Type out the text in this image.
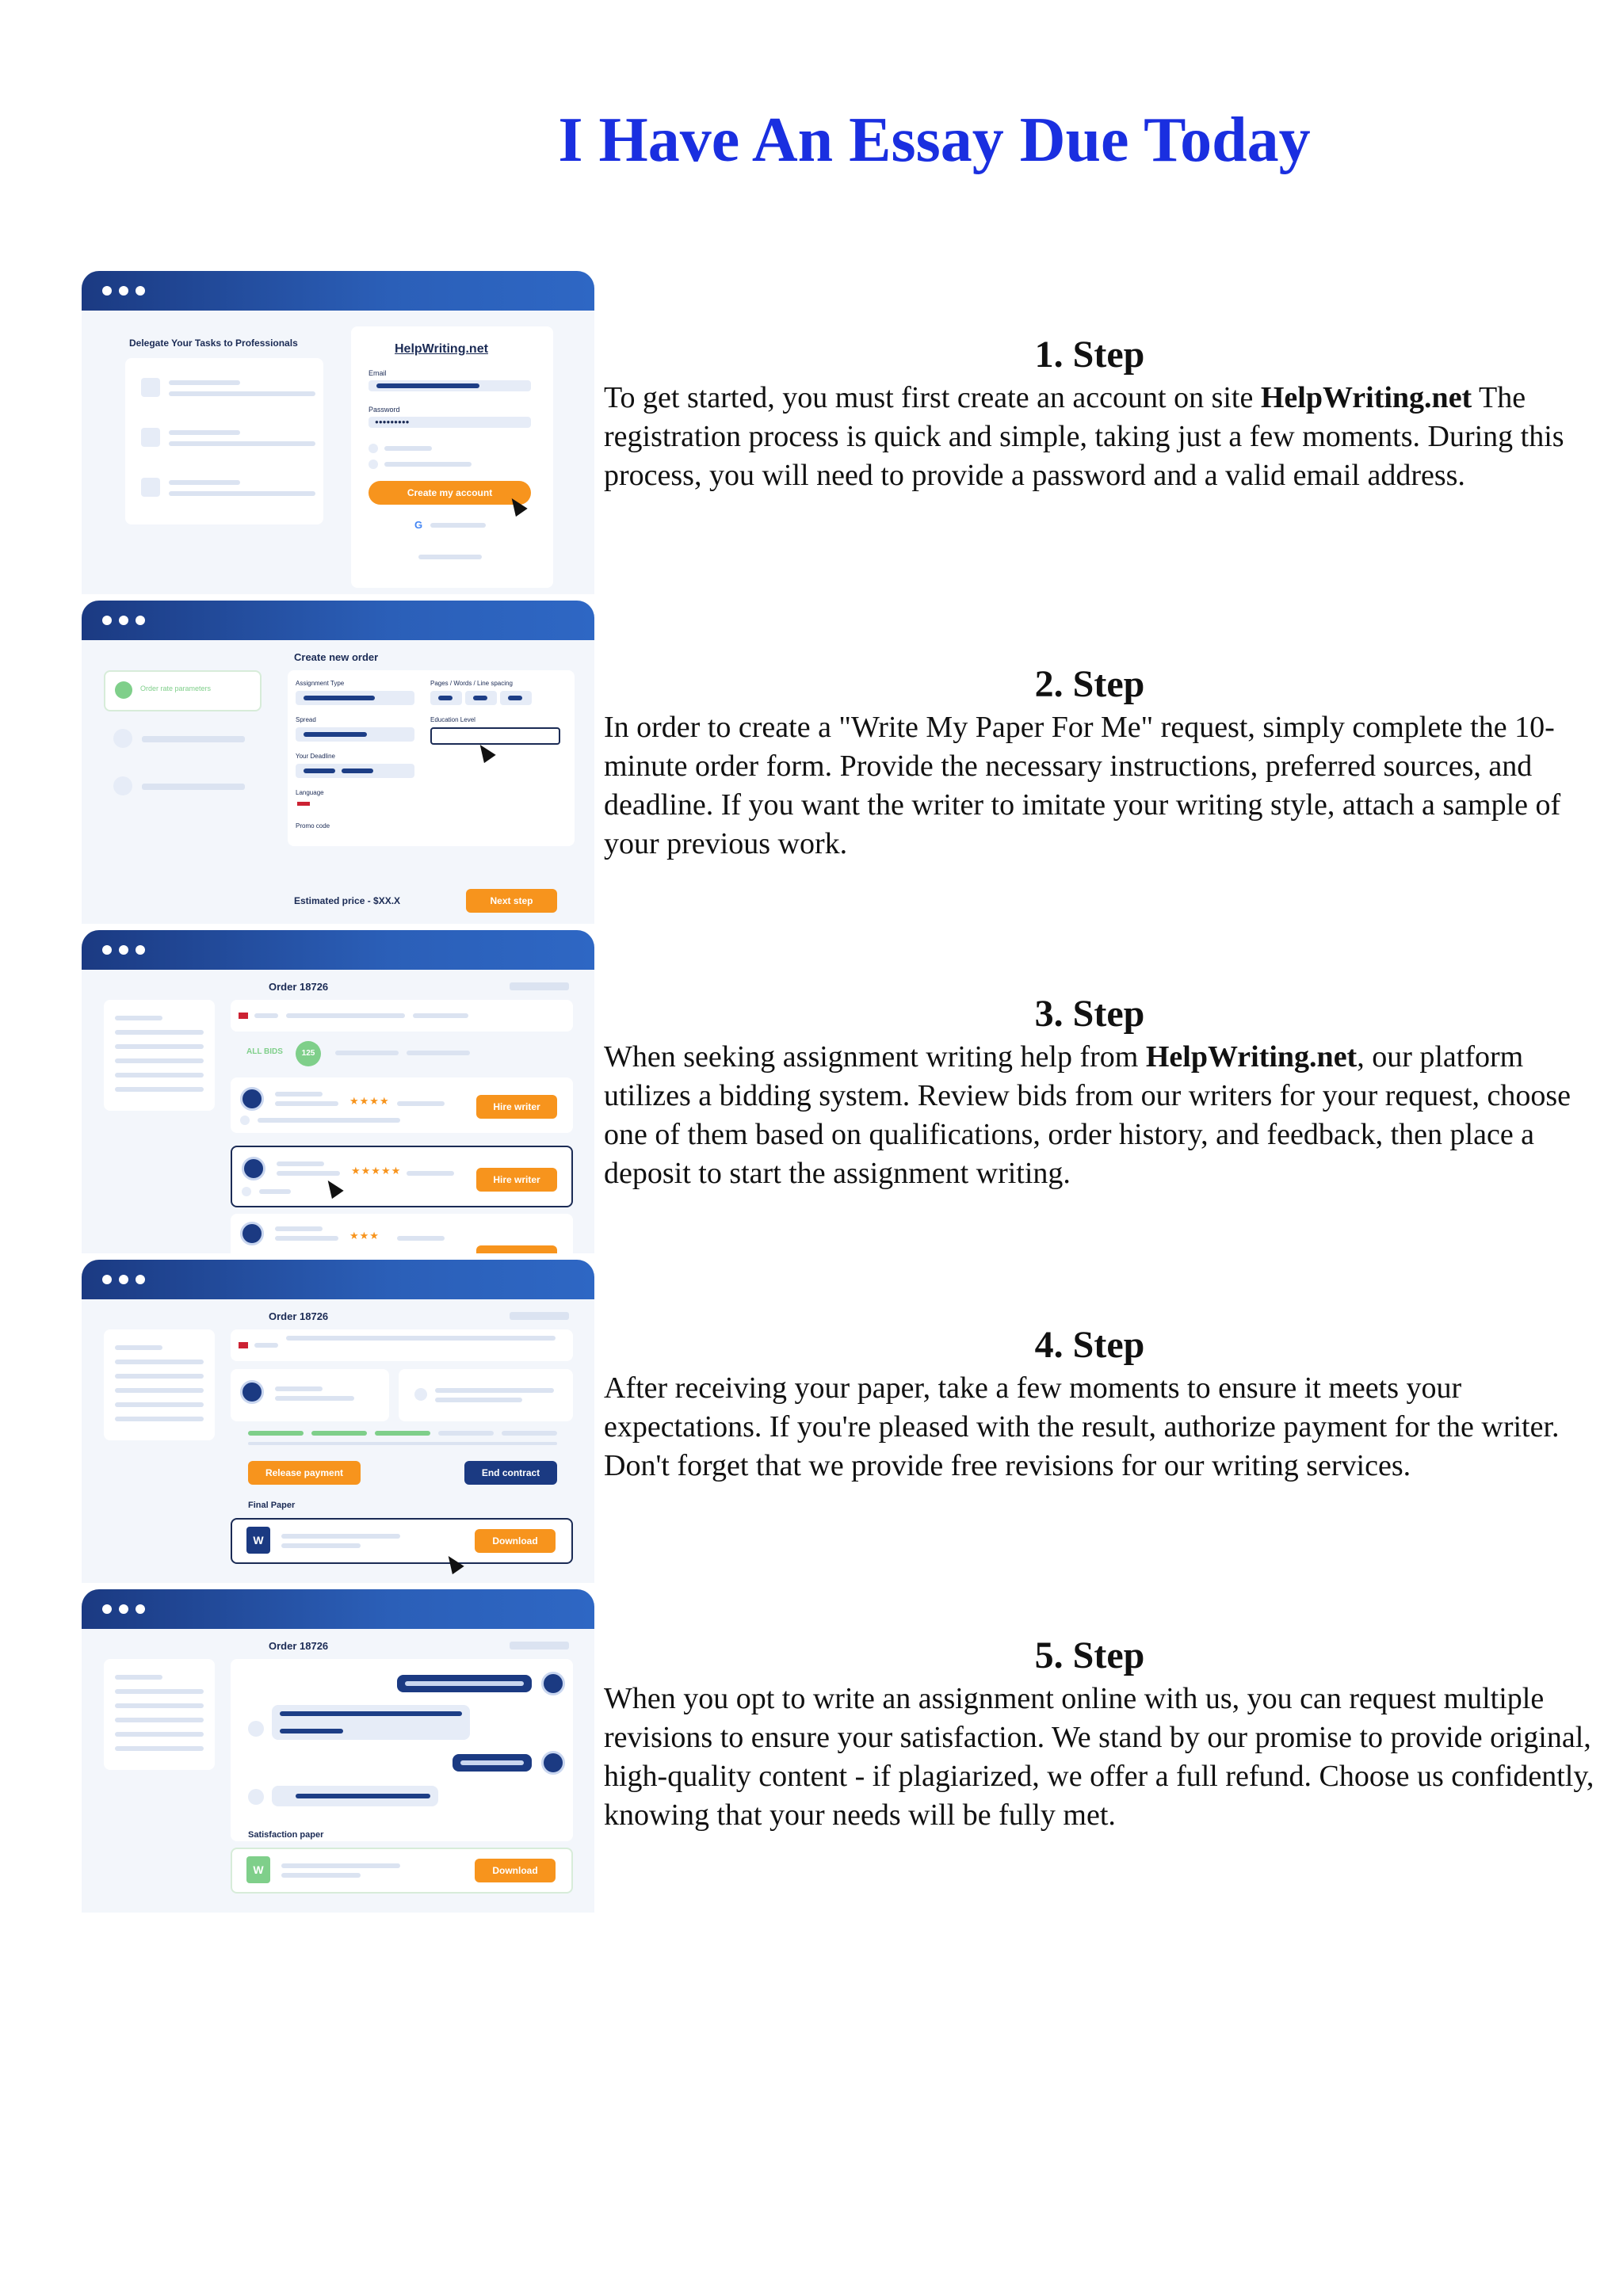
I Have An Essay Due Today
Delegate Your Tasks to Professionals	HelpWriting.net
Email
Password
●●●●●●●●●
Create my account
G
Order rate parameters
Create new order
Assignment Type	Pages / Words / Line spacing
Spread	Education Level
Your Deadline
Language
Promo code
Estimated price - $XX.X	Next step
Order 18726
ALL BIDS	125
★★★★	Hire writer
★★★★★
Hire writer
★★★
Order 18726
Release payment	End contract
Final Paper
W	Download
Order 18726
Satisfaction paper
W	Download
1. Step
To get started, you must first create an account on site HelpWriting.net The registration process is quick and simple, taking just a few moments. During this process, you will need to provide a password and a valid email address.
2. Step
In order to create a "Write My Paper For Me" request, simply complete the 10-minute order form. Provide the necessary instructions, preferred sources, and deadline. If you want the writer to imitate your writing style, attach a sample of your previous work.
3. Step
When seeking assignment writing help from HelpWriting.net, our platform utilizes a bidding system. Review bids from our writers for your request, choose one of them based on qualifications, order history, and feedback, then place a deposit to start the assignment writing.
4. Step
After receiving your paper, take a few moments to ensure it meets your expectations. If you're pleased with the result, authorize payment for the writer. Don't forget that we provide free revisions for our writing services.
5. Step
When you opt to write an assignment online with us, you can request multiple revisions to ensure your satisfaction. We stand by our promise to provide original, high-quality content - if plagiarized, we offer a full refund. Choose us confidently, knowing that your needs will be fully met.
